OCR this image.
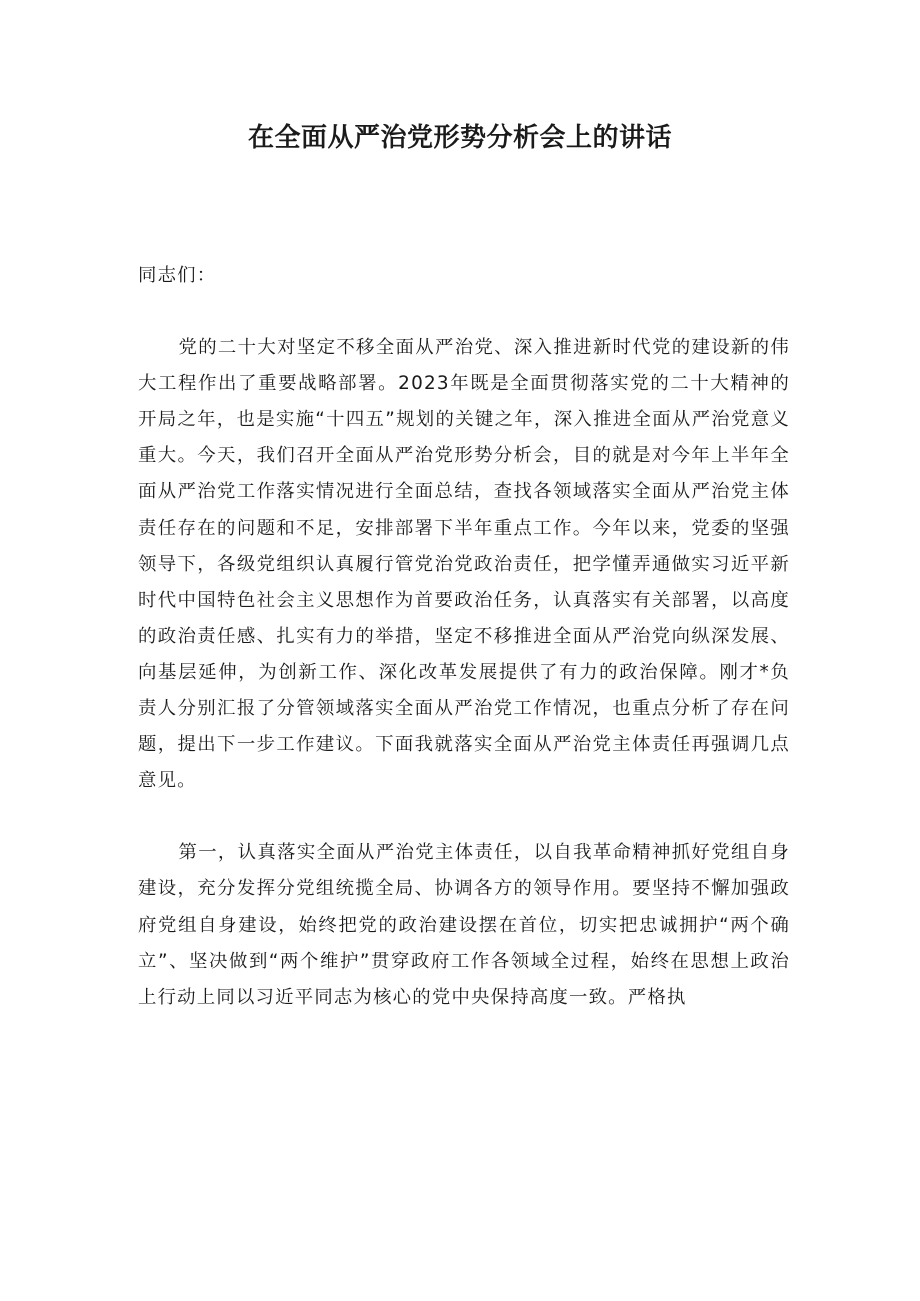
在全面从严治党形势分析会上的讲话

同志们：

党的二十大对坚定不移全面从严治党、深入推进新时代党的建设新的伟大工程作出了重要战略部署。2023年既是全面贯彻落实党的二十大精神的开局之年，也是实施“十四五”规划的关键之年，深入推进全面从严治党意义重大。今天，我们召开全面从严治党形势分析会，目的就是对今年上半年全面从严治党工作落实情况进行全面总结，查找各领域落实全面从严治党主体责任存在的问题和不足，安排部署下半年重点工作。今年以来，党委的坚强领导下，各级党组织认真履行管党治党政治责任，把学懂弄通做实习近平新时代中国特色社会主义思想作为首要政治任务，认真落实有关部署，以高度的政治责任感、扎实有力的举措，坚定不移推进全面从严治党向纵深发展、向基层延伸，为创新工作、深化改革发展提供了有力的政治保障。刚才*负责人分别汇报了分管领域落实全面从严治党工作情况，也重点分析了存在问题，提出下一步工作建议。下面我就落实全面从严治党主体责任再强调几点意见。

第一，认真落实全面从严治党主体责任，以自我革命精神抓好党组自身建设，充分发挥分党组统揽全局、协调各方的领导作用。要坚持不懈加强政府党组自身建设，始终把党的政治建设摆在首位，切实把忠诚拥护“两个确立”、坚决做到“两个维护”贯穿政府工作各领域全过程，始终在思想上政治上行动上同以习近平同志为核心的党中央保持高度一致。严格执
